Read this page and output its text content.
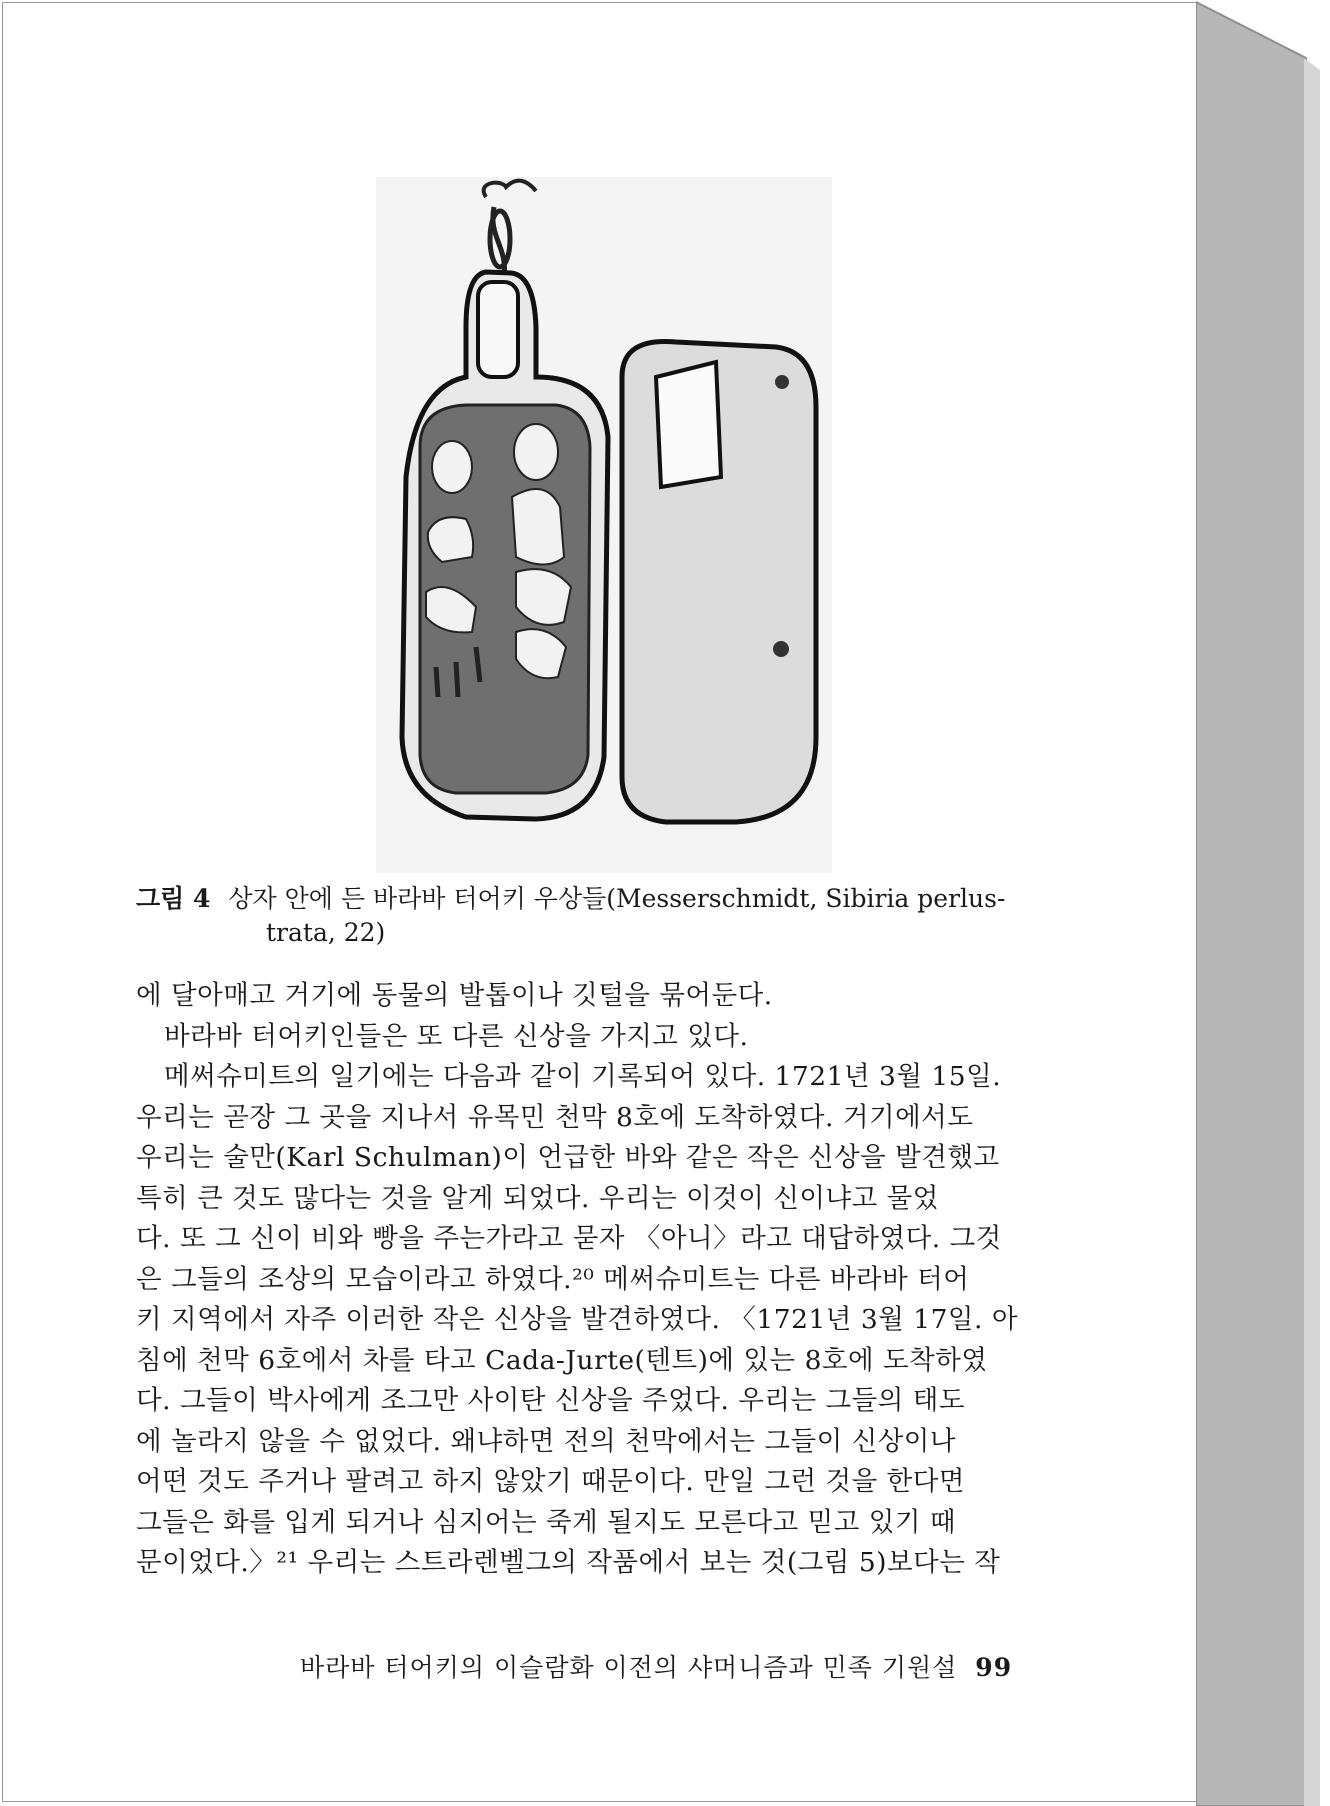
그림 4 상자 안에 든 바라바 터어키 우상들(Messerschmidt, Sibiria perlus-
trata, 22)
에 달아매고 거기에 동물의 발톱이나 깃털을 묶어둔다.
바라바 터어키인들은 또 다른 신상을 가지고 있다.
메써슈미트의 일기에는 다음과 같이 기록되어 있다. 1721년 3월 15일.
우리는 곧장 그 곳을 지나서 유목민 천막 8호에 도착하였다. 거기에서도
우리는 술만(Karl Schulman)이 언급한 바와 같은 작은 신상을 발견했고
특히 큰 것도 많다는 것을 알게 되었다. 우리는 이것이 신이냐고 물었
다. 또 그 신이 비와 빵을 주는가라고 묻자 〈아니〉라고 대답하였다. 그것
은 그들의 조상의 모습이라고 하였다.²⁰ 메써슈미트는 다른 바라바 터어
키 지역에서 자주 이러한 작은 신상을 발견하였다. 〈1721년 3월 17일. 아
침에 천막 6호에서 차를 타고 Cada-Jurte(텐트)에 있는 8호에 도착하였
다. 그들이 박사에게 조그만 사이탄 신상을 주었다. 우리는 그들의 태도
에 놀라지 않을 수 없었다. 왜냐하면 전의 천막에서는 그들이 신상이나
어떤 것도 주거나 팔려고 하지 않았기 때문이다. 만일 그런 것을 한다면
그들은 화를 입게 되거나 심지어는 죽게 될지도 모른다고 믿고 있기 때
문이었다.〉²¹ 우리는 스트라렌벨그의 작품에서 보는 것(그림 5)보다는 작
바라바 터어키의 이슬람화 이전의 샤머니즘과 민족 기원설 99
